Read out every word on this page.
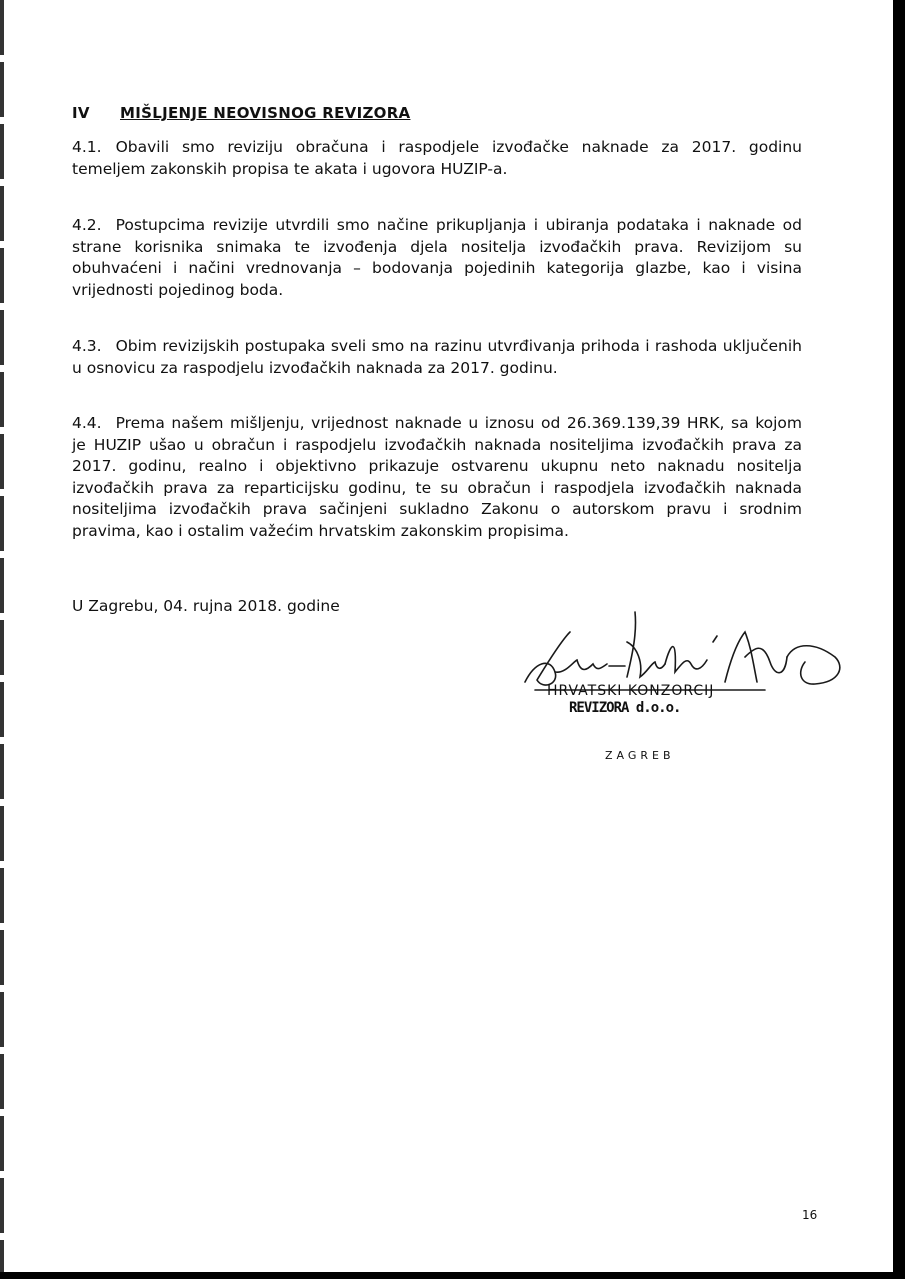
IV MIŠLJENJE NEOVISNOG REVIZORA
4.1. Obavili smo reviziju obračuna i raspodjele izvođačke naknade za 2017. godinu temeljem zakonskih propisa te akata i ugovora HUZIP-a.
4.2. Postupcima revizije utvrdili smo načine prikupljanja i ubiranja podataka i naknade od strane korisnika snimaka te izvođenja djela nositelja izvođačkih prava. Revizijom su obuhvaćeni i načini vrednovanja – bodovanja pojedinih kategorija glazbe, kao i visina vrijednosti pojedinog boda.
4.3. Obim revizijskih postupaka sveli smo na razinu utvrđivanja prihoda i rashoda uključenih u osnovicu za raspodjelu izvođačkih naknada za 2017. godinu.
4.4. Prema našem mišljenju, vrijednost naknade u iznosu od 26.369.139,39 HRK, sa kojom je HUZIP ušao u obračun i raspodjelu izvođačkih naknada nositeljima izvođačkih prava za 2017. godinu, realno i objektivno prikazuje ostvarenu ukupnu neto naknadu nositelja izvođačkih prava za reparticijsku godinu, te su obračun i raspodjela izvođačkih naknada nositeljima izvođačkih prava sačinjeni sukladno Zakonu o autorskom pravu i srodnim pravima, kao i ostalim važećim hrvatskim zakonskim propisima.
U Zagrebu, 04. rujna 2018. godine
HRVATSKI KONZORCIJ
REVIZORA d.o.o.
ZAGREB
16
